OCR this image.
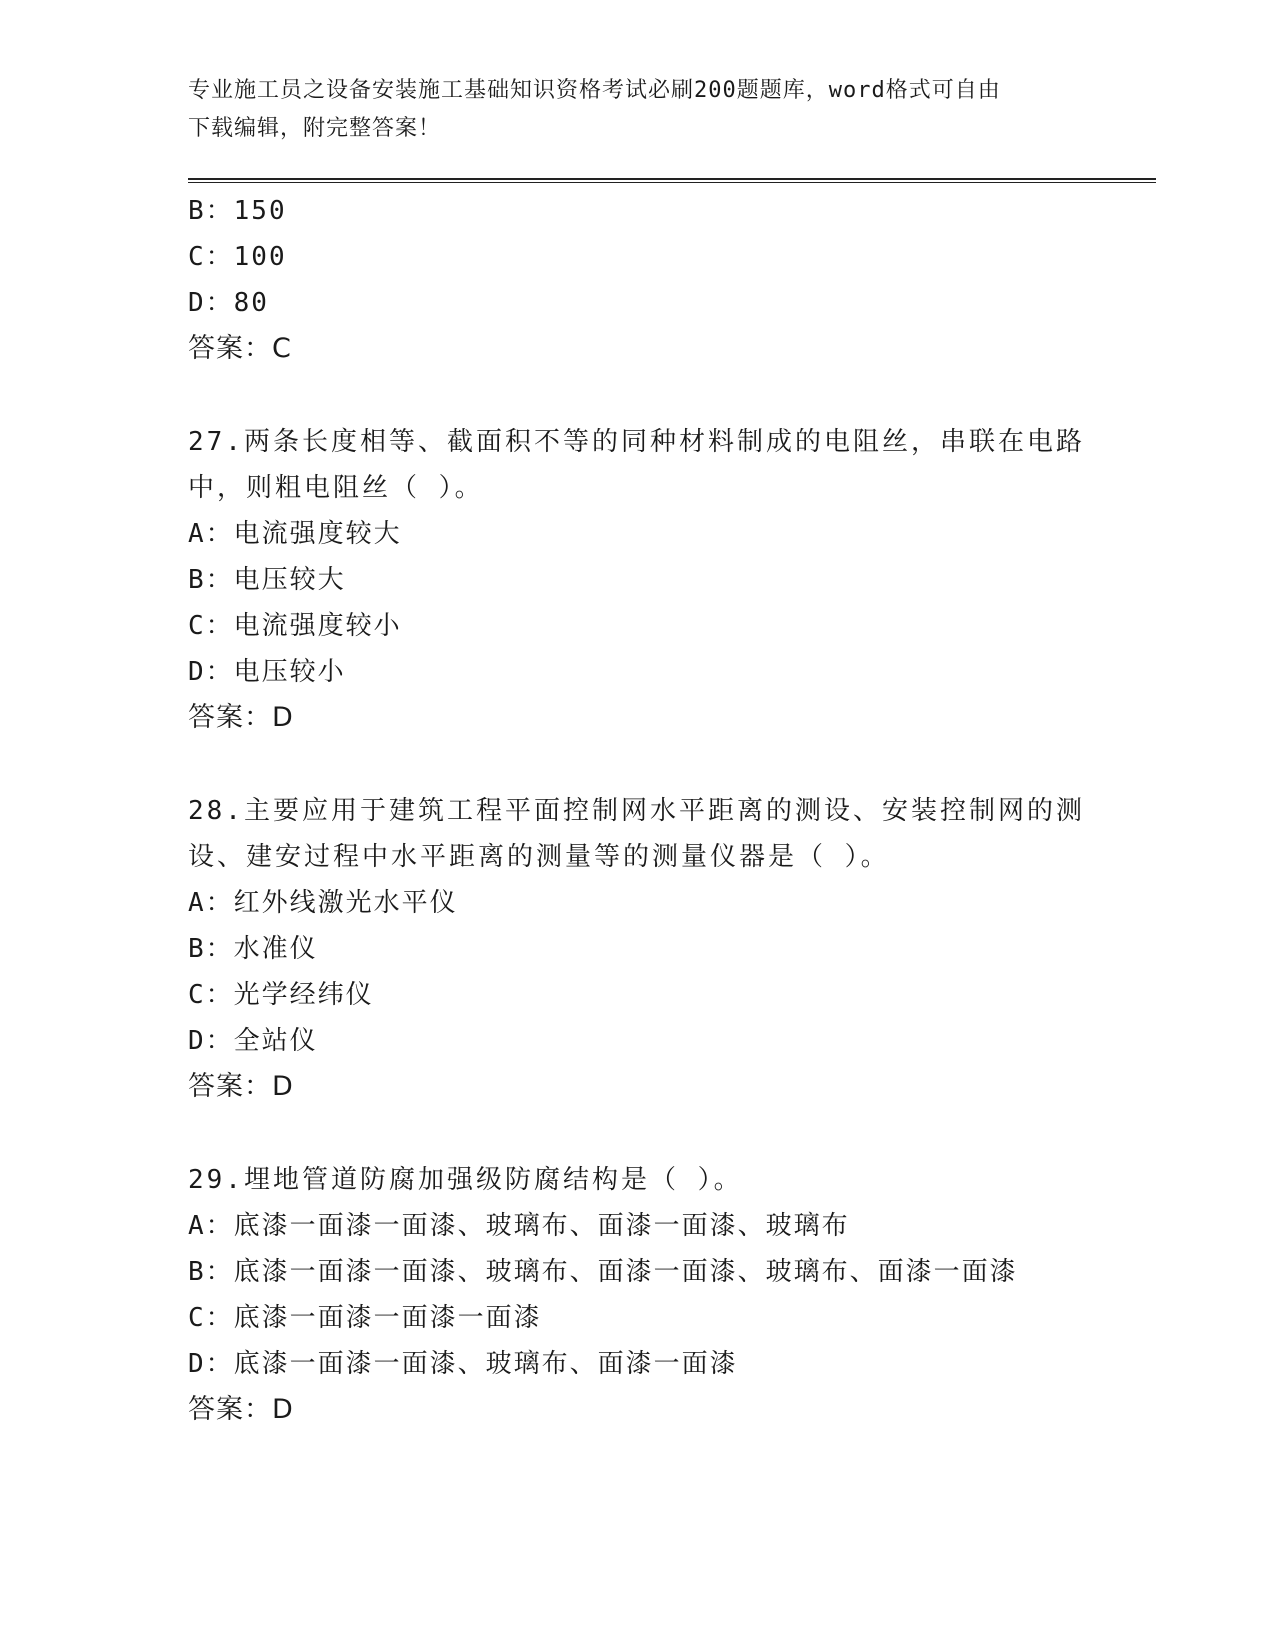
专业施工员之设备安装施工基础知识资格考试必刷200题题库，word格式可自由
下载编辑，附完整答案！
B：150
C：100
D：80
答案：C
27.两条长度相等、截面积不等的同种材料制成的电阻丝，串联在电路
中，则粗电阻丝（ ）。
A：电流强度较大
B：电压较大
C：电流强度较小
D：电压较小
答案：D
28.主要应用于建筑工程平面控制网水平距离的测设、安装控制网的测
设、建安过程中水平距离的测量等的测量仪器是（ ）。
A：红外线激光水平仪
B：水准仪
C：光学经纬仪
D：全站仪
答案：D
29.埋地管道防腐加强级防腐结构是（ ）。
A：底漆一面漆一面漆、玻璃布、面漆一面漆、玻璃布
B：底漆一面漆一面漆、玻璃布、面漆一面漆、玻璃布、面漆一面漆
C：底漆一面漆一面漆一面漆
D：底漆一面漆一面漆、玻璃布、面漆一面漆
答案：D
